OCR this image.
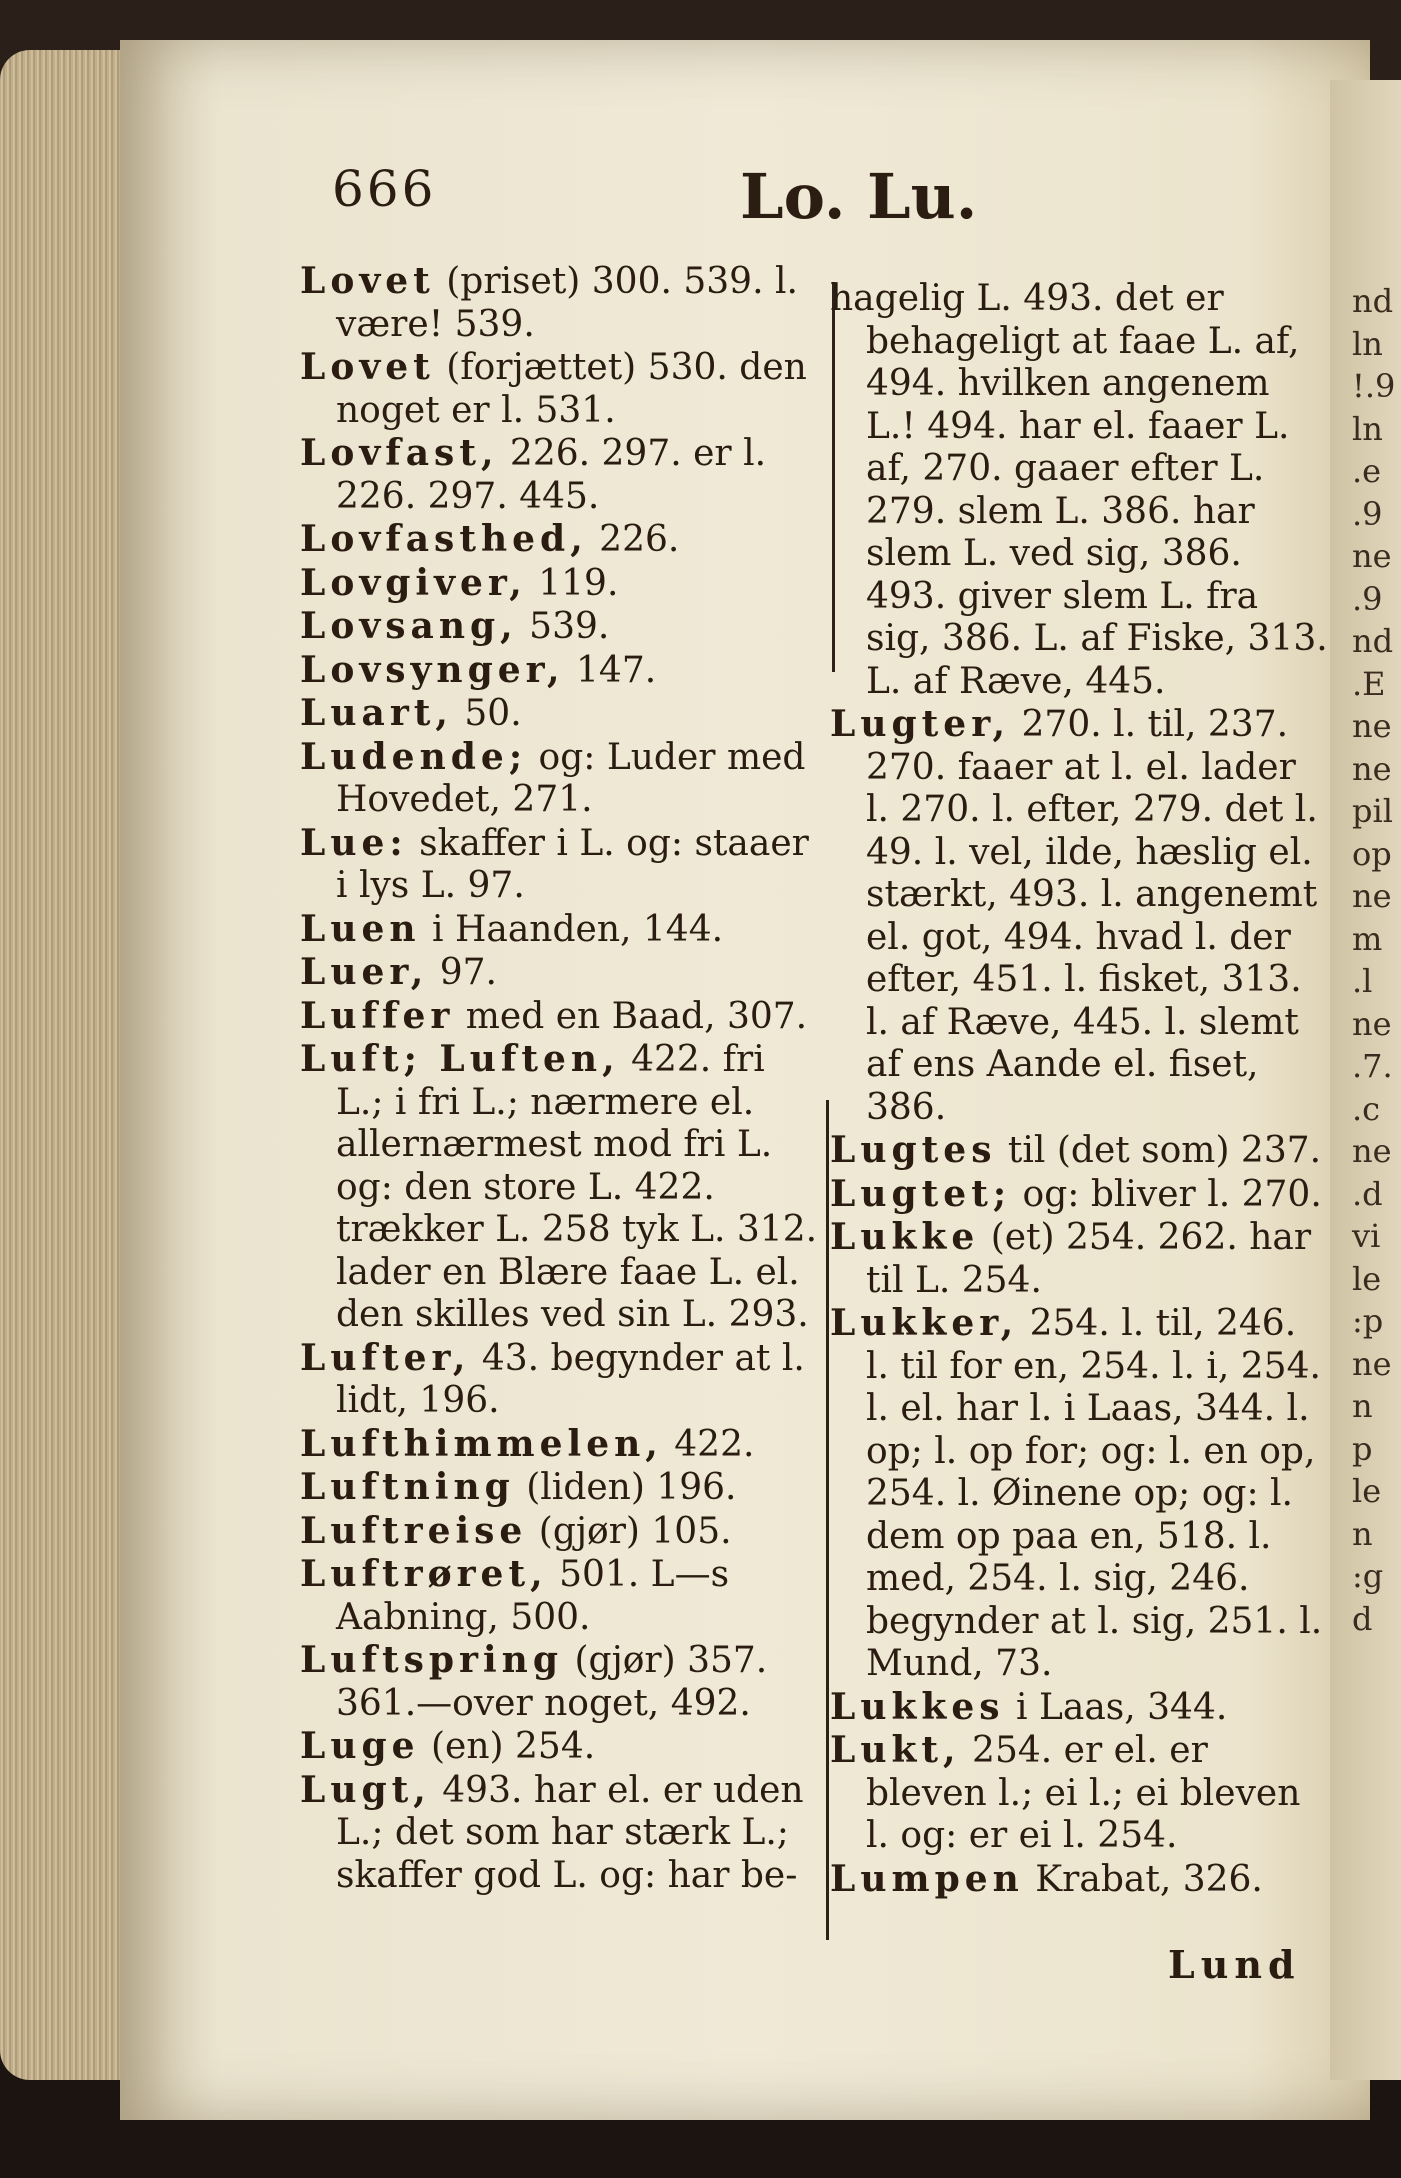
666	Lo. Lu.
Lovet (priset) 300. 539. l. være! 539.
Lovet (forjættet) 530. den noget er l. 531.
Lovfast, 226. 297. er l. 226. 297. 445.
Lovfasthed, 226.
Lovgiver, 119.
Lovsang, 539.
Lovsynger, 147.
Luart, 50.
Ludende; og: Luder med Hovedet, 271.
Lue: skaffer i L. og: staaer i lys L. 97.
Luen i Haanden, 144.
Luer, 97.
Luffer med en Baad, 307.
Luft; Luften, 422. fri L.; i fri L.; nærmere el. allernærmest mod fri L. og: den store L. 422. trækker L. 258 tyk L. 312. lader en Blære faae L. el. den skilles ved sin L. 293.
Lufter, 43. begynder at l. lidt, 196.
Lufthimmelen, 422.
Luftning (liden) 196.
Luftreise (gjør) 105.
Luftrøret, 501. L—s Aabning, 500.
Luftspring (gjør) 357. 361.—over noget, 492.
Luge (en) 254.
Lugt, 493. har el. er uden L.; det som har stærk L.; skaffer god L. og: har be-
hagelig L. 493. det er behageligt at faae L. af, 494. hvilken angenem L.! 494. har el. faaer L. af, 270. gaaer efter L. 279. slem L. 386. har slem L. ved sig, 386. 493. giver slem L. fra sig, 386. L. af Fiske, 313. L. af Ræve, 445.
Lugter, 270. l. til, 237. 270. faaer at l. el. lader l. 270. l. efter, 279. det l. 49. l. vel, ilde, hæslig el. stærkt, 493. l. angenemt el. got, 494. hvad l. der efter, 451. l. fisket, 313. l. af Ræve, 445. l. slemt af ens Aande el. fiset, 386.
Lugtes til (det som) 237.
Lugtet; og: bliver l. 270.
Lukke (et) 254. 262. har til L. 254.
Lukker, 254. l. til, 246. l. til for en, 254. l. i, 254. l. el. har l. i Laas, 344. l. op; l. op for; og: l. en op, 254. l. Øinene op; og: l. dem op paa en, 518. l. med, 254. l. sig, 246. begynder at l. sig, 251. l. Mund, 73.
Lukkes i Laas, 344.
Lukt, 254. er el. er bleven l.; ei l.; ei bleven l. og: er ei l. 254.
Lumpen Krabat, 326.
Lund
nd
ln
!.9
ln
.e
.9
ne
.9
nd
.E
ne
ne
pil
op
ne
m
.l
ne
.7.
.c
ne
.d
vi
le
:p
ne
n
p
le
n
:g
d
